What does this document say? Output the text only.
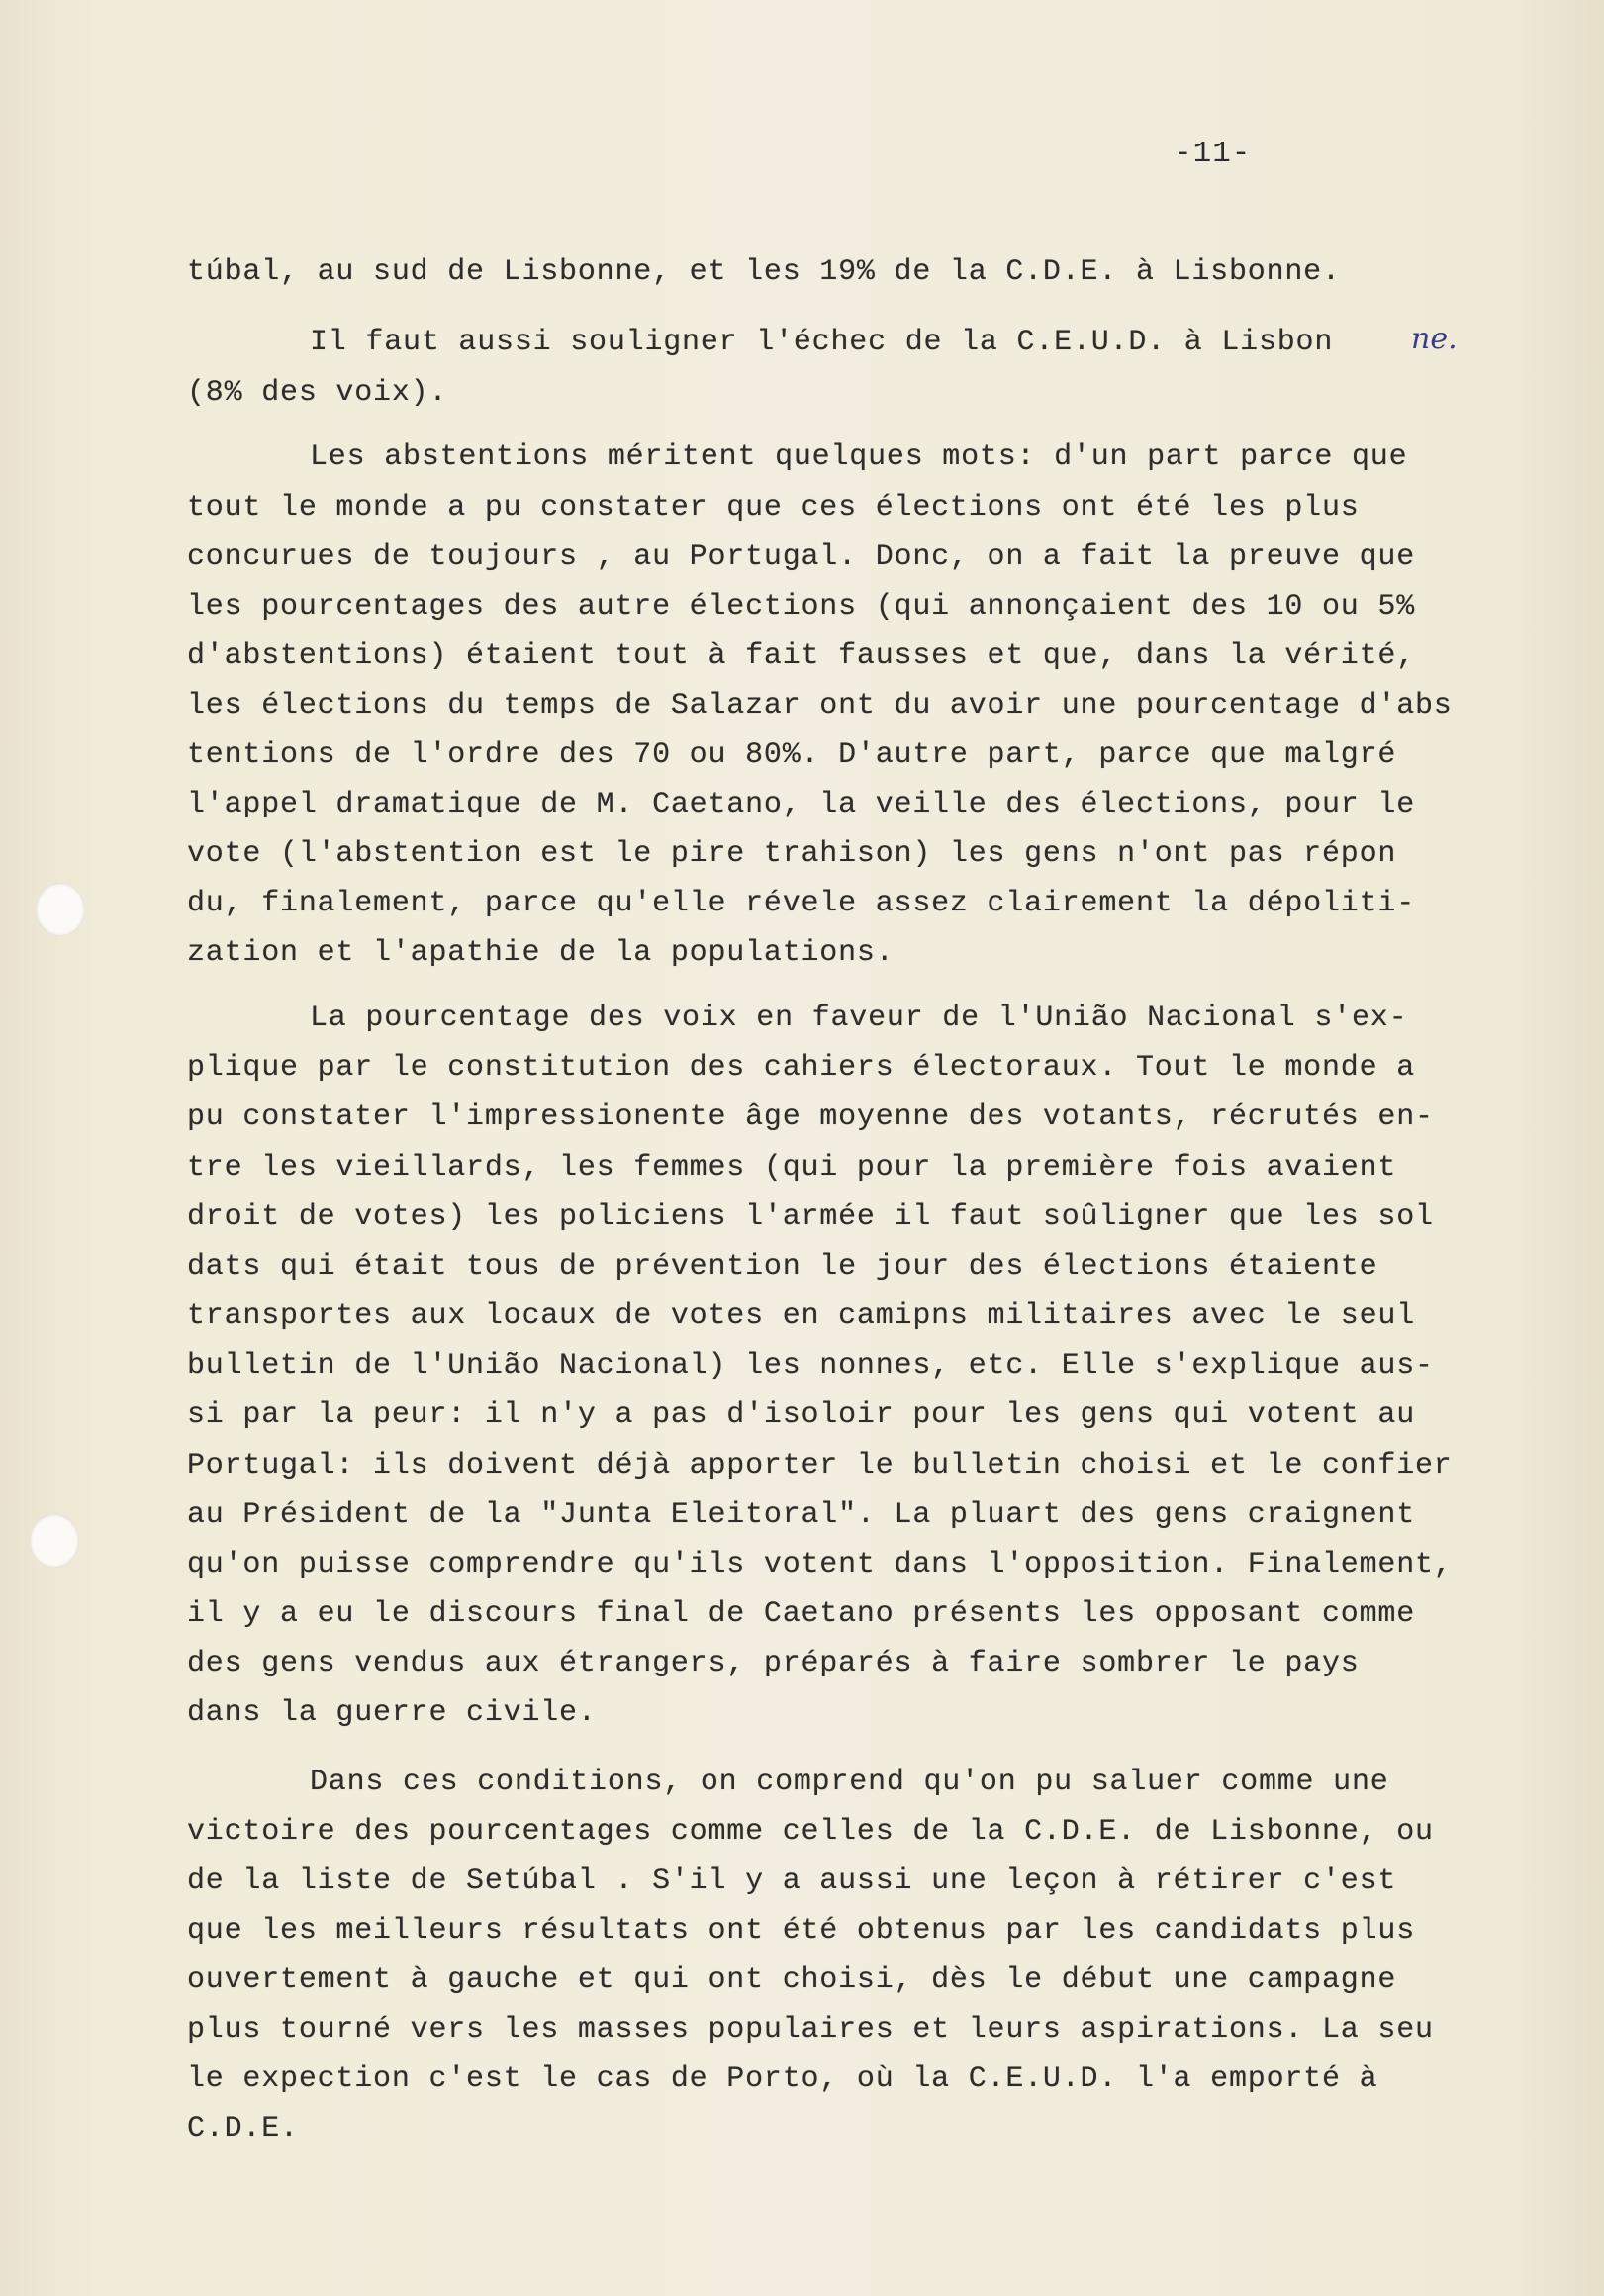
-11-

túbal, au sud de Lisbonne, et les 19% de la C.D.E. à Lisbonne.

Il faut aussi souligner l'échec de la C.E.U.D. à Lisbon	ne.

(8% des voix).

Les abstentions méritent quelques mots: d'un part parce que

tout le monde a pu constater que ces élections ont été les plus

concurues de toujours , au Portugal. Donc, on a fait la preuve que

les pourcentages des autre élections (qui annonçaient des 10 ou 5%

d'abstentions) étaient tout à fait fausses et que, dans la vérité,

les élections du temps de Salazar ont du avoir une pourcentage d'abs

tentions de l'ordre des 70 ou 80%. D'autre part, parce que malgré

l'appel dramatique de M. Caetano, la veille des élections, pour le

vote (l'abstention est le pire trahison) les gens n'ont pas répon

du, finalement, parce qu'elle révele assez clairement la dépoliti-

zation et l'apathie de la populations.

La pourcentage des voix en faveur de l'União Nacional s'ex-

plique par le constitution des cahiers électoraux. Tout le monde a

pu constater l'impressionente âge moyenne des votants, récrutés en-

tre les vieillards, les femmes (qui pour la première fois avaient

droit de votes) les policiens l'armée il faut soûligner que les sol

dats qui était tous de prévention le jour des élections étaiente

transportes aux locaux de votes en camipns militaires avec le seul

bulletin de l'União Nacional) les nonnes, etc. Elle s'explique aus-

si par la peur: il n'y a pas d'isoloir pour les gens qui votent au

Portugal: ils doivent déjà apporter le bulletin choisi et le confier

au Président de la "Junta Eleitoral". La pluart des gens craignent

qu'on puisse comprendre qu'ils votent dans l'opposition. Finalement,

il y a eu le discours final de Caetano présents les opposant comme

des gens vendus aux étrangers, préparés à faire sombrer le pays

dans la guerre civile.

Dans ces conditions, on comprend qu'on pu saluer comme une

victoire des pourcentages comme celles de la C.D.E. de Lisbonne, ou

de la liste de Setúbal . S'il y a aussi une leçon à rétirer c'est

que les meilleurs résultats ont été obtenus par les candidats plus

ouvertement à gauche et qui ont choisi, dès le début une campagne

plus tourné vers les masses populaires et leurs aspirations. La seu

le expection c'est le cas de Porto, où la C.E.U.D. l'a emporté à

C.D.E.
